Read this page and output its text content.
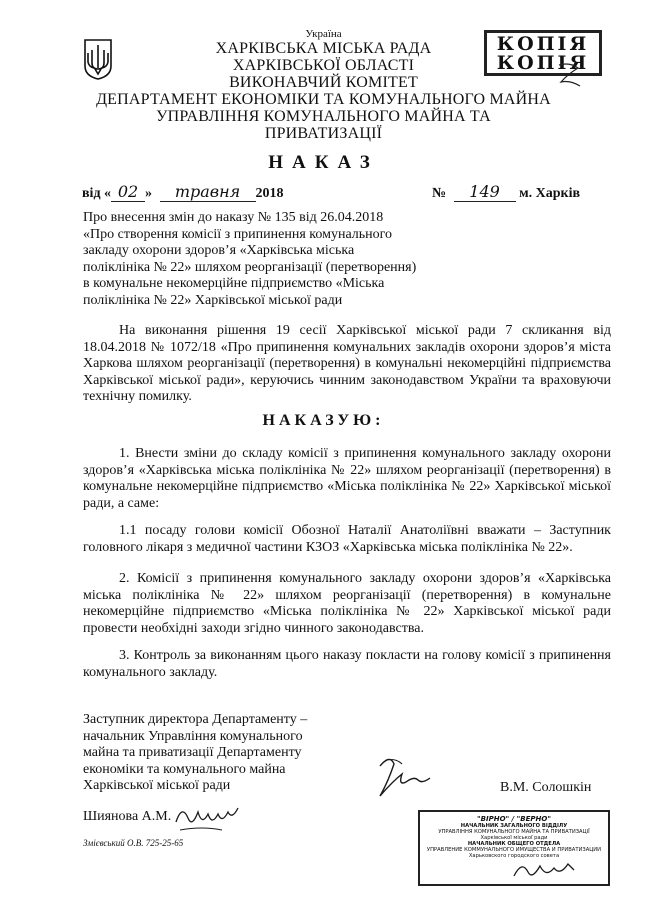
КОПІЯ
КОПІЯ
Україна
ХАРКІВСЬКА МІСЬКА РАДА
ХАРКІВСЬКОЇ ОБЛАСТІ
ВИКОНАВЧИЙ КОМІТЕТ
ДЕПАРТАМЕНТ ЕКОНОМІКИ ТА КОМУНАЛЬНОГО МАЙНА
УПРАВЛІННЯ КОМУНАЛЬНОГО МАЙНА ТА
ПРИВАТИЗАЦІЇ
НАКАЗ
від « 02 » травня 2018	№ 149 м. Харків
Про внесення змін до наказу № 135 від 26.04.2018
«Про створення комісії з припинення комунального
закладу охорони здоров’я «Харківська міська
поліклініка № 22» шляхом реорганізації (перетворення)
в комунальне некомерційне підприємство «Міська
поліклініка № 22» Харківської міської ради
На виконання рішення 19 сесії Харківської міської ради 7 скликання від 18.04.2018 № 1072/18 «Про припинення комунальних закладів охорони здоров’я міста Харкова шляхом реорганізації (перетворення) в комунальні некомерційні підприємства Харківської міської ради», керуючись чинним законодавством України та враховуючи технічну помилку.
НАКАЗУЮ:
1. Внести зміни до складу комісії з припинення комунального закладу охорони здоров’я «Харківська міська поліклініка № 22» шляхом реорганізації (перетворення) в комунальне некомерційне підприємство «Міська поліклініка № 22» Харківської міської ради, а саме:
1.1 посаду голови комісії Обозної Наталії Анатоліївні вважати – Заступник головного лікаря з медичної частини КЗОЗ «Харківська міська поліклініка № 22».
2. Комісії з припинення комунального закладу охорони здоров’я «Харківська міська поліклініка № 22» шляхом реорганізації (перетворення) в комунальне некомерційне підприємство «Міська поліклініка № 22» Харківської міської ради провести необхідні заходи згідно чинного законодавства.
3. Контроль за виконанням цього наказу покласти на голову комісії з припинення комунального закладу.
Заступник директора Департаменту –
начальник Управління комунального
майна та приватизації Департаменту
економіки та комунального майна
Харківської міської ради	В.М. Солошкін
Шиянова А.М.
Змієвський О.В. 725-25-65
"ВІРНО" / "ВЕРНО"
НАЧАЛЬНИК ЗАГАЛЬНОГО ВІДДІЛУ
УПРАВЛІННЯ КОМУНАЛЬНОГО МАЙНА ТА ПРИВАТИЗАЦІЇ
Харківської міської ради
НАЧАЛЬНИК ОБЩЕГО ОТДЕЛА
УПРАВЛЕНИЕ КОММУНАЛЬНОГО ИМУЩЕСТВА И ПРИВАТИЗАЦИИ
Харьковского городского совета
